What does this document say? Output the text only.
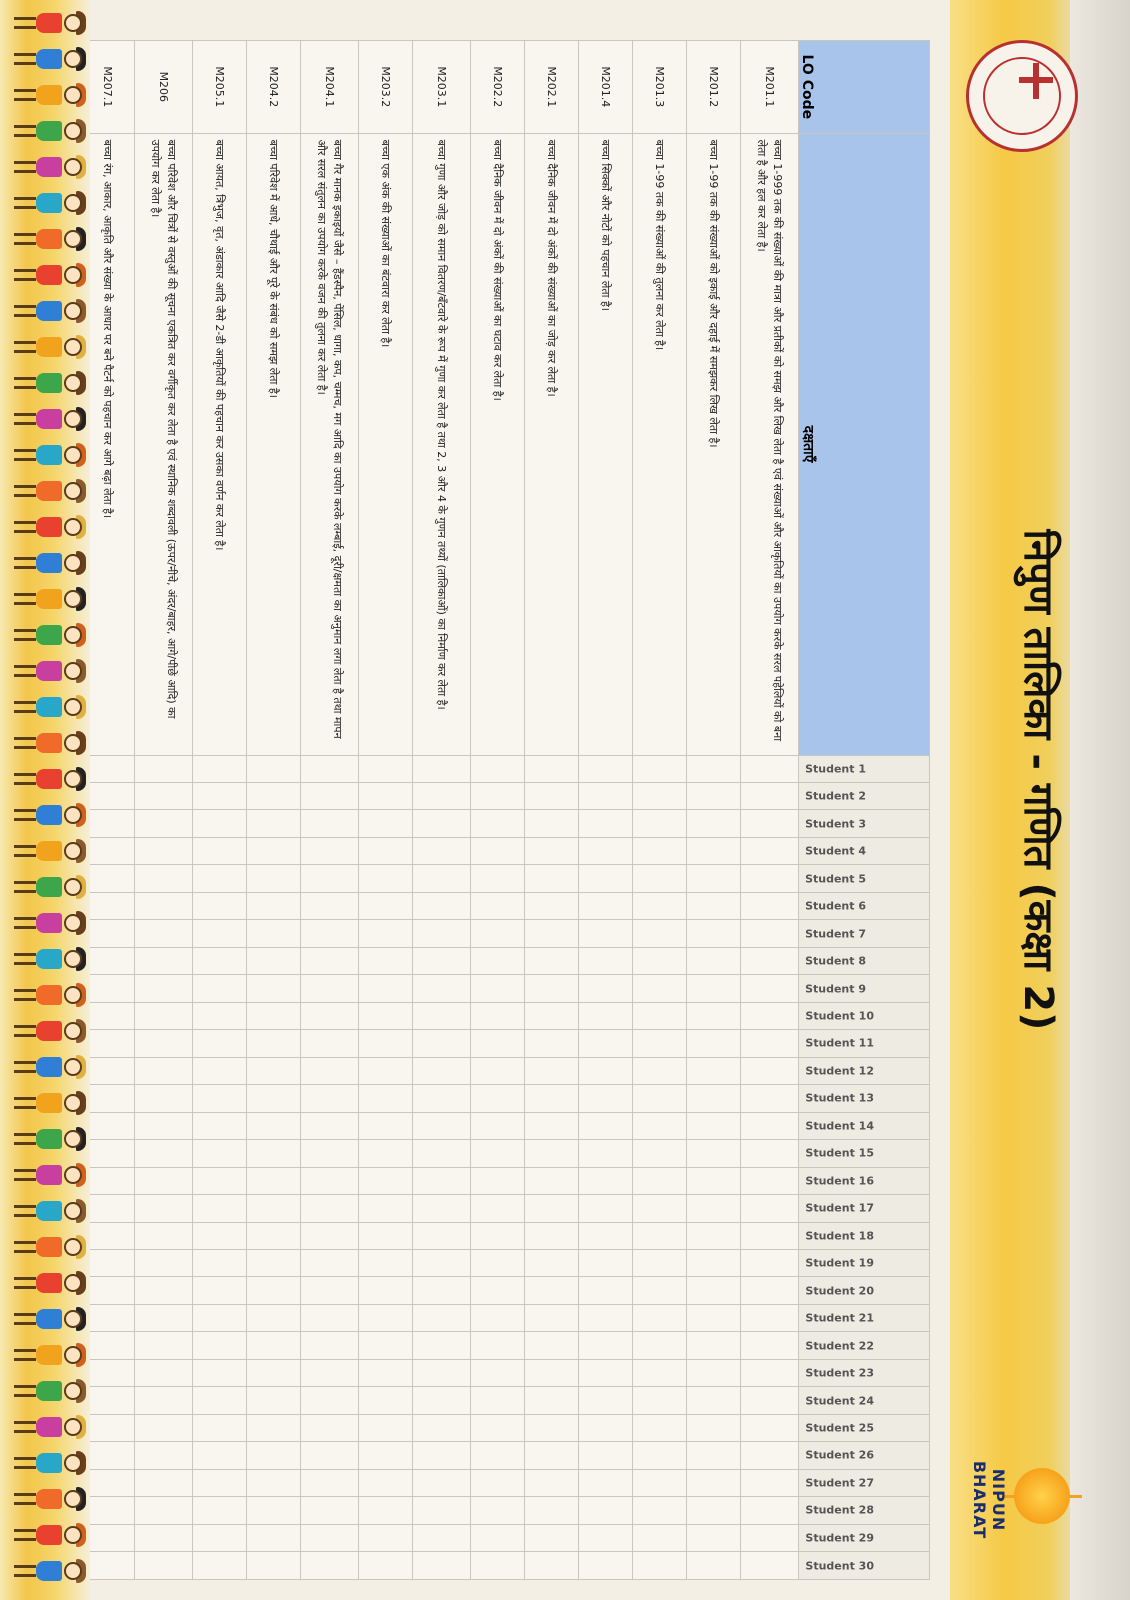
निपुण तालिका - गणित (कक्षा 2)
NIPUN BHARAT
LO Code	दक्षताएँ	Student 1	Student 2	Student 3	Student 4	Student 5	Student 6	Student 7	Student 8	Student 9	Student 10	Student 11	Student 12	Student 13	Student 14	Student 15	Student 16	Student 17	Student 18	Student 19	Student 20	Student 21	Student 22	Student 23	Student 24	Student 25	Student 26	Student 27	Student 28	Student 29	Student 30

M201.1	बच्चा 1-999 तक की संख्याओं की मात्रा और प्रतीकों को समझ और लिख लेता है एवं संख्याओं और आकृतियों का उपयोग करके सरल पहेलियों को बना लेता है और हल कर लेता है।																														
M201.2	बच्चा 1-99 तक की संख्याओं को इकाई और दहाई में समझकर लिख लेता है।																														
M201.3	बच्चा 1-99 तक की संख्याओं की तुलना कर लेता है।																														
M201.4	बच्चा सिक्कों और नोटों को पहचान लेता है।																														
M202.1	बच्चा दैनिक जीवन में दो अंकों की संख्याओं का जोड़ कर लेता है।																														
M202.2	बच्चा दैनिक जीवन में दो अंकों की संख्याओं का घटाव कर लेता है।																														
M203.1	बच्चा गुणा और जोड़ को समान वितरण/बँटवारे के रूप में गुणा कर लेता है तथा 2, 3 और 4 के गुणन तथ्यों (तालिकाओं) का निर्माण कर लेता है।																														
M203.2	बच्चा एक अंक की संख्याओं का बंटवारा कर लेता है।																														
M204.1	बच्चा गैर मानक इकाइयों जैसे – हैंडस्पैन, पेंसिल, धागा, कप, चम्मच, मग आदि का उपयोग करके लम्बाई, दूरी/क्षमता का अनुमान लगा लेता है तथा मापन और सरल संतुलन का उपयोग करके वजन की तुलना कर लेता है।																														
M204.2	बच्चा परिवेश में आधे, चौथाई और पूरे के संबंध को समझ लेता है।																														
M205.1	बच्चा आयत, त्रिभुज, वृत, अंडाकार आदि जैसे 2-डी आकृतियों की पहचान कर उसका वर्णन कर लेता है।																														
M206	बच्चा परिवेश और चित्रों से वस्तुओं की सूचना एकत्रित कर वर्गीकृत कर लेता है एवं स्थानिक शब्दावली (ऊपर/नीचे, अंदर/बाहर, आगे/पीछे आदि) का उपयोग कर लेता है।																														
M207.1	बच्चा रंग, आकार, आकृति और संख्या के आधार पर बने पैटर्न को पहचान कर आगे बढ़ा लेता है।																														
